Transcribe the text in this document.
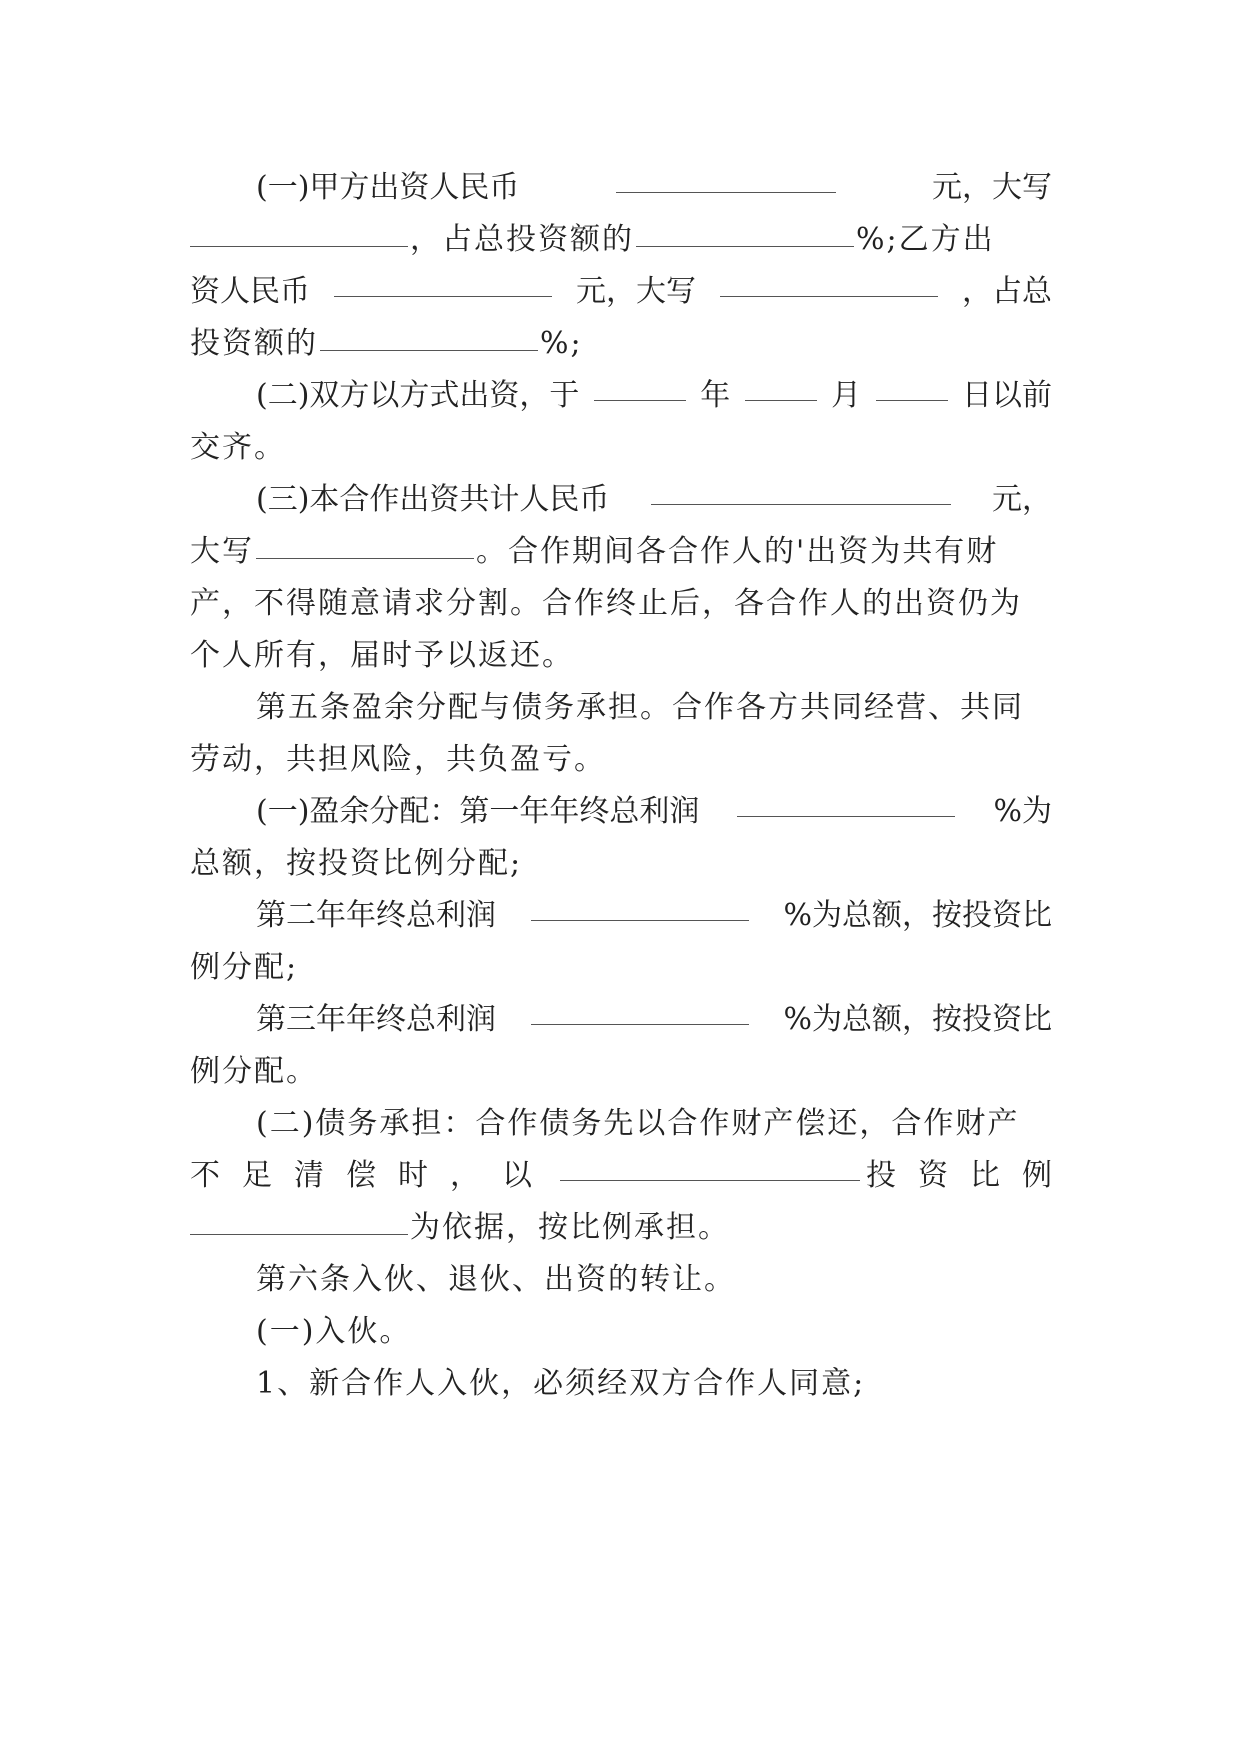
(一)甲方出资人民币	元，大写
，占总投资额的	%;乙方出
资人民币	元，大写	，占总
投资额的	%;
(二)双方以方式出资，于	年	月	日以前
交齐。
(三)本合作出资共计人民币	元，
大写	。合作期间各合作人的'出资为共有财
产，不得随意请求分割。合作终止后，各合作人的出资仍为
个人所有，届时予以返还。
第五条盈余分配与债务承担。合作各方共同经营、共同
劳动，共担风险，共负盈亏。
(一)盈余分配：第一年年终总利润	%为
总额，按投资比例分配;
第二年年终总利润	%为总额，按投资比
例分配;
第三年年终总利润	%为总额，按投资比
例分配。
(二)债务承担：合作债务先以合作财产偿还，合作财产
不足清偿时，以	投资比例
为依据，按比例承担。
第六条入伙、退伙、出资的转让。
(一)入伙。
1、新合作人入伙，必须经双方合作人同意;
